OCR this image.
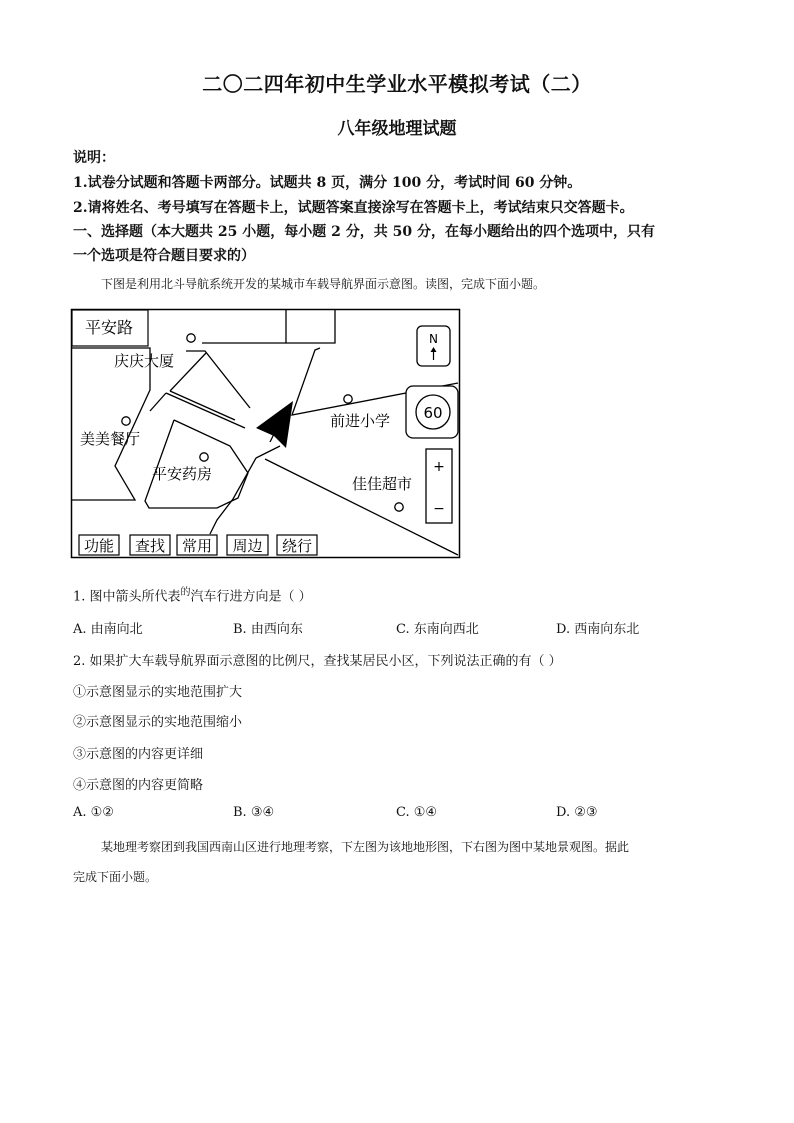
二〇二四年初中生学业水平模拟考试（二）
八年级地理试题
说明：
1.试卷分试题和答题卡两部分。试题共 8 页，满分 100 分，考试时间 60 分钟。
2.请将姓名、考号填写在答题卡上，试题答案直接涂写在答题卡上，考试结束只交答题卡。
一、选择题（本大题共 25 小题，每小题 2 分，共 50 分，在每小题给出的四个选项中，只有
一个选项是符合题目要求的）
下图是利用北斗导航系统开发的某城市车载导航界面示意图。读图，完成下面小题。
平安路
庆庆大厦
美美餐厅
平安药房
前进小学
佳佳超市
N
60
+
−
功能 查找 常用 周边 绕行
1. 图中箭头所代表$^的$汽车行进方向是（ ）
A. 由南向北	B. 由西向东	C. 东南向西北	D. 西南向东北
2. 如果扩大车载导航界面示意图的比例尺，查找某居民小区，下列说法正确的有（ ）
①示意图显示的实地范围扩大
②示意图显示的实地范围缩小
③示意图的内容更详细
④示意图的内容更简略
A. ①②	B. ③④	C. ①④	D. ②③
某地理考察团到我国西南山区进行地理考察，下左图为该地地形图，下右图为图中某地景观图。据此
完成下面小题。
